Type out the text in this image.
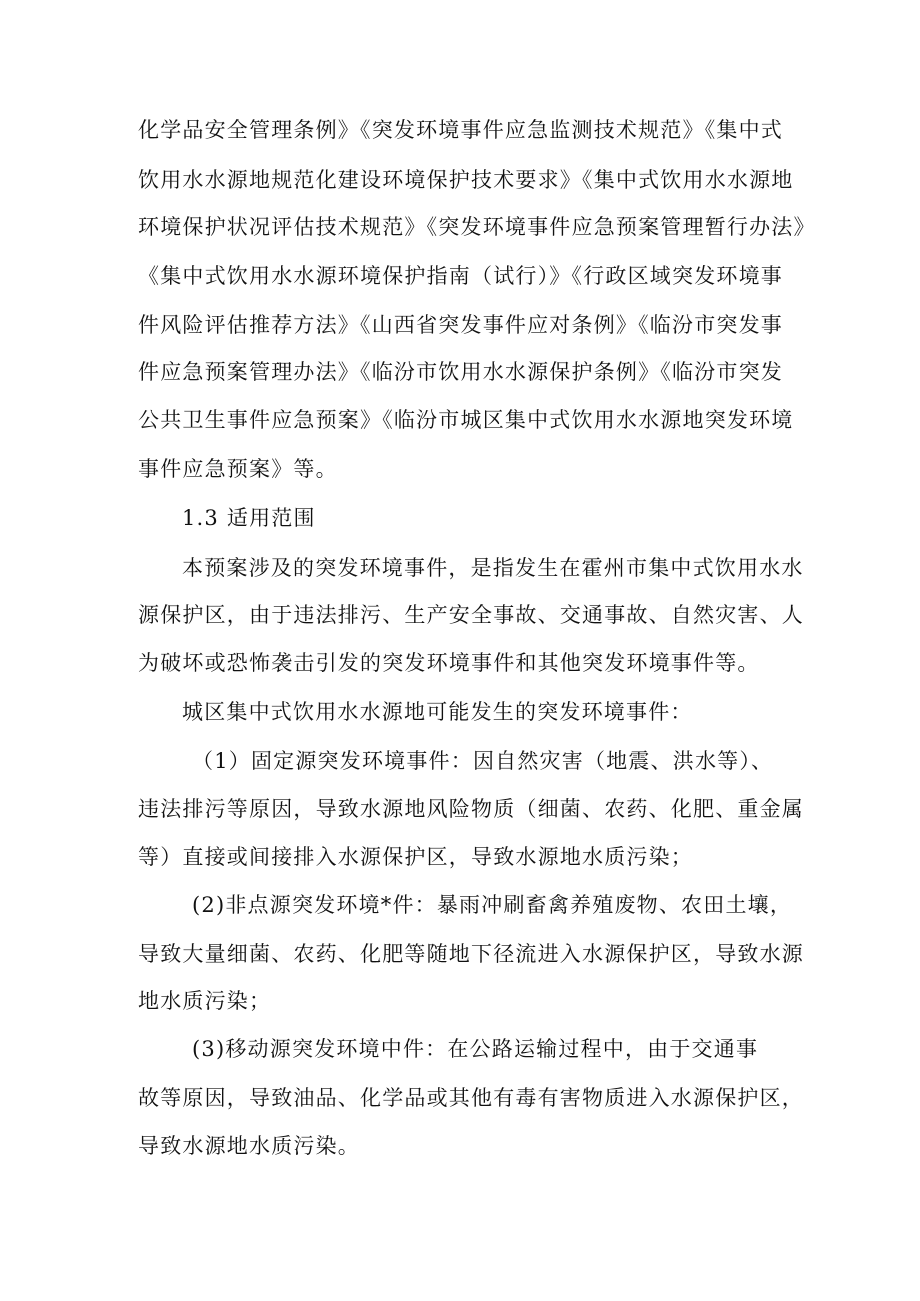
化学品安全管理条例》《突发环境事件应急监测技术规范》《集中式
饮用水水源地规范化建设环境保护技术要求》《集中式饮用水水源地
环境保护状况评估技术规范》《突发环境事件应急预案管理暂行办法》
《集中式饮用水水源环境保护指南（试行）》《行政区域突发环境事
件风险评估推荐方法》《山西省突发事件应对条例》《临汾市突发事
件应急预案管理办法》《临汾市饮用水水源保护条例》《临汾市突发
公共卫生事件应急预案》《临汾市城区集中式饮用水水源地突发环境
事件应急预案》等。
1.3 适用范围
本预案涉及的突发环境事件，是指发生在霍州市集中式饮用水水
源保护区，由于违法排污、生产安全事故、交通事故、自然灾害、人
为破坏或恐怖袭击引发的突发环境事件和其他突发环境事件等。
城区集中式饮用水水源地可能发生的突发环境事件：
（1）固定源突发环境事件：因自然灾害（地震、洪水等）、
违法排污等原因，导致水源地风险物质（细菌、农药、化肥、重金属
等）直接或间接排入水源保护区，导致水源地水质污染；
(2)非点源突发环境*件：暴雨冲刷畜禽养殖废物、农田土壤，
导致大量细菌、农药、化肥等随地下径流进入水源保护区，导致水源
地水质污染；
(3)移动源突发环境中件：在公路运输过程中，由于交通事
故等原因，导致油品、化学品或其他有毒有害物质进入水源保护区，
导致水源地水质污染。
